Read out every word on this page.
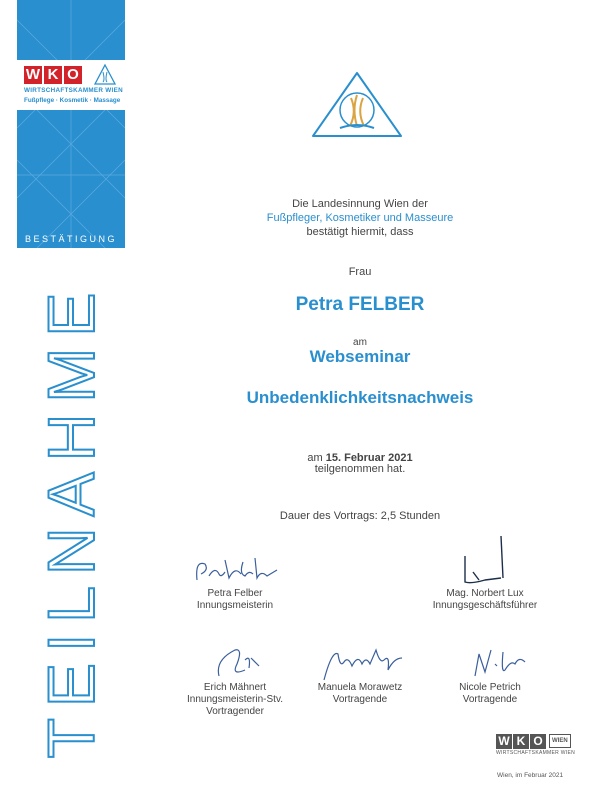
W K O
WIRTSCHAFTSKAMMER WIEN
Fußpflege · Kosmetik · Massage
BESTÄTIGUNG
TEILNAHME
Die Landesinnung Wien der
Fußpfleger, Kosmetiker und Masseure
bestätigt hiermit, dass
Frau
Petra FELBER
am
Webseminar
Unbedenklichkeitsnachweis
am 15. Februar 2021
teilgenommen hat.
Dauer des Vortrags: 2,5 Stunden
Petra Felber
Innungsmeisterin
Mag. Norbert Lux
Innungsgeschäftsführer
Erich Mähnert
Innungsmeisterin-Stv.
Vortragender
Manuela Morawetz
Vortragende
Nicole Petrich
Vortragende
W K O	WIEN
WIRTSCHAFTSKAMMER WIEN
Wien, im Februar 2021
